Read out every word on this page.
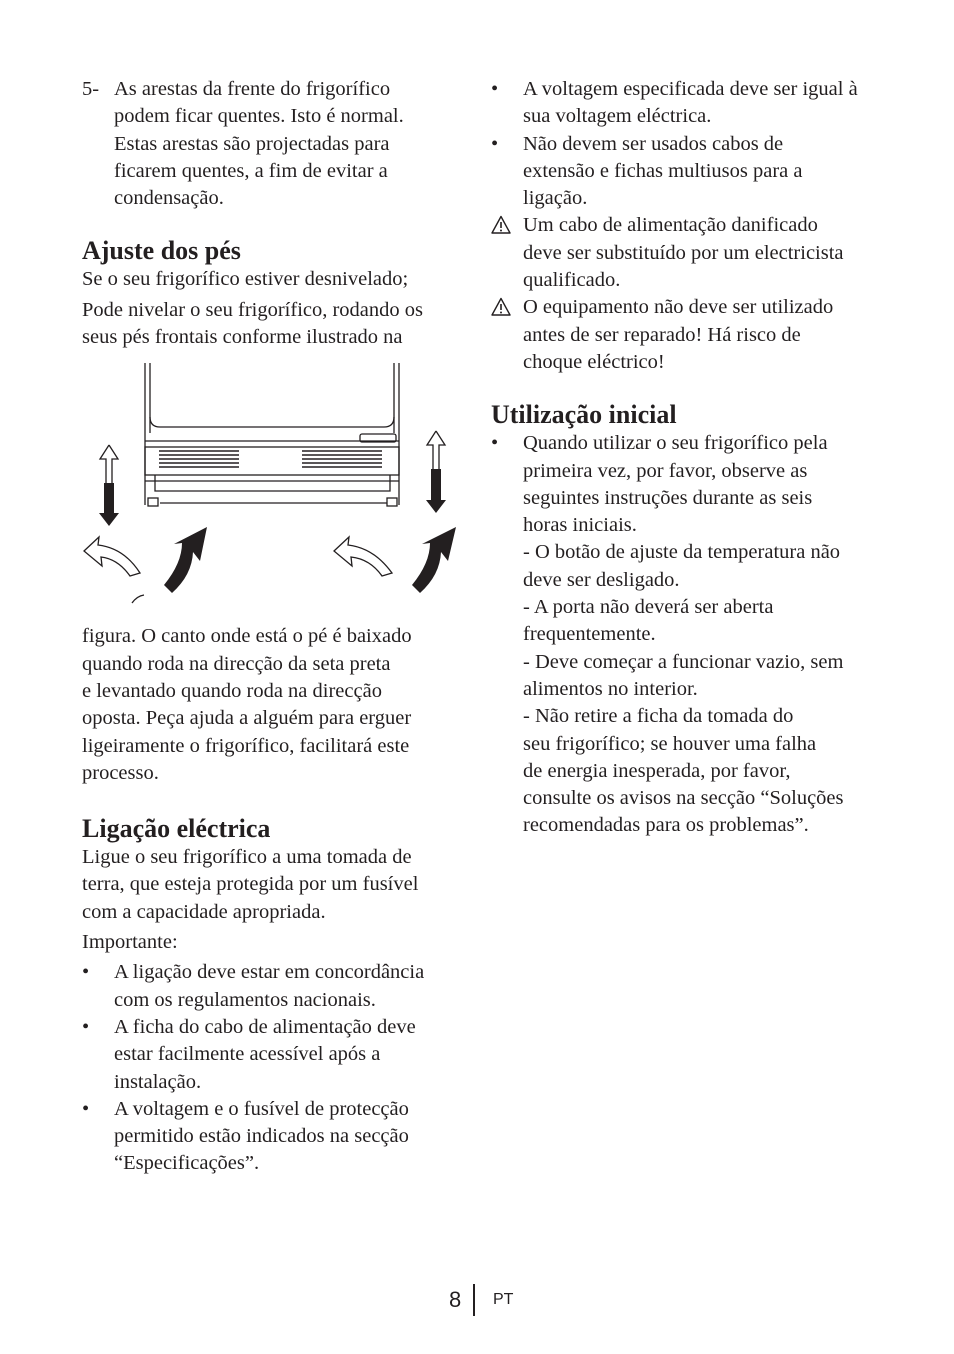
5- As arestas da frente do frigorífico

podem ficar quentes. Isto é normal.

Estas arestas são projectadas para

ficarem quentes, a fim de evitar a

condensação.

Ajuste dos pés

Se o seu frigorífico estiver desnivelado;

Pode nivelar o seu frigorífico, rodando os

seus pés frontais conforme ilustrado na

figura. O canto onde está o pé é baixado

quando roda na direcção da seta preta

e levantado quando roda na direcção

oposta. Peça ajuda a alguém para erguer

ligeiramente o frigorífico, facilitará este

processo.

Ligação eléctrica

Ligue o seu frigorífico a uma tomada de

terra, que esteja protegida por um fusível

com a capacidade apropriada.

Importante:

• A ligação deve estar em concordância

com os regulamentos nacionais.

• A ficha do cabo de alimentação deve

estar facilmente acessível após a

instalação.

• A voltagem e o fusível de protecção

permitido estão indicados na secção

“Especificações”.

• A voltagem especificada deve ser igual à

sua voltagem eléctrica.

• Não devem ser usados cabos de

extensão e fichas multiusos para a

ligação.

Um cabo de alimentação danificado

deve ser substituído por um electricista

qualificado.

O equipamento não deve ser utilizado

antes de ser reparado! Há risco de

choque eléctrico!

Utilização inicial
• Quando utilizar o seu frigorífico pela

primeira vez, por favor, observe as

seguintes instruções durante as seis

horas iniciais.

- O botão de ajuste da temperatura não

deve ser desligado.

- A porta não deverá ser aberta

frequentemente.

- Deve começar a funcionar vazio, sem

alimentos no interior.

- Não retire a ficha da tomada do

seu frigorífico; se houver uma falha

de energia inesperada, por favor,

consulte os avisos na secção “Soluções

recomendadas para os problemas”.

8 PT
